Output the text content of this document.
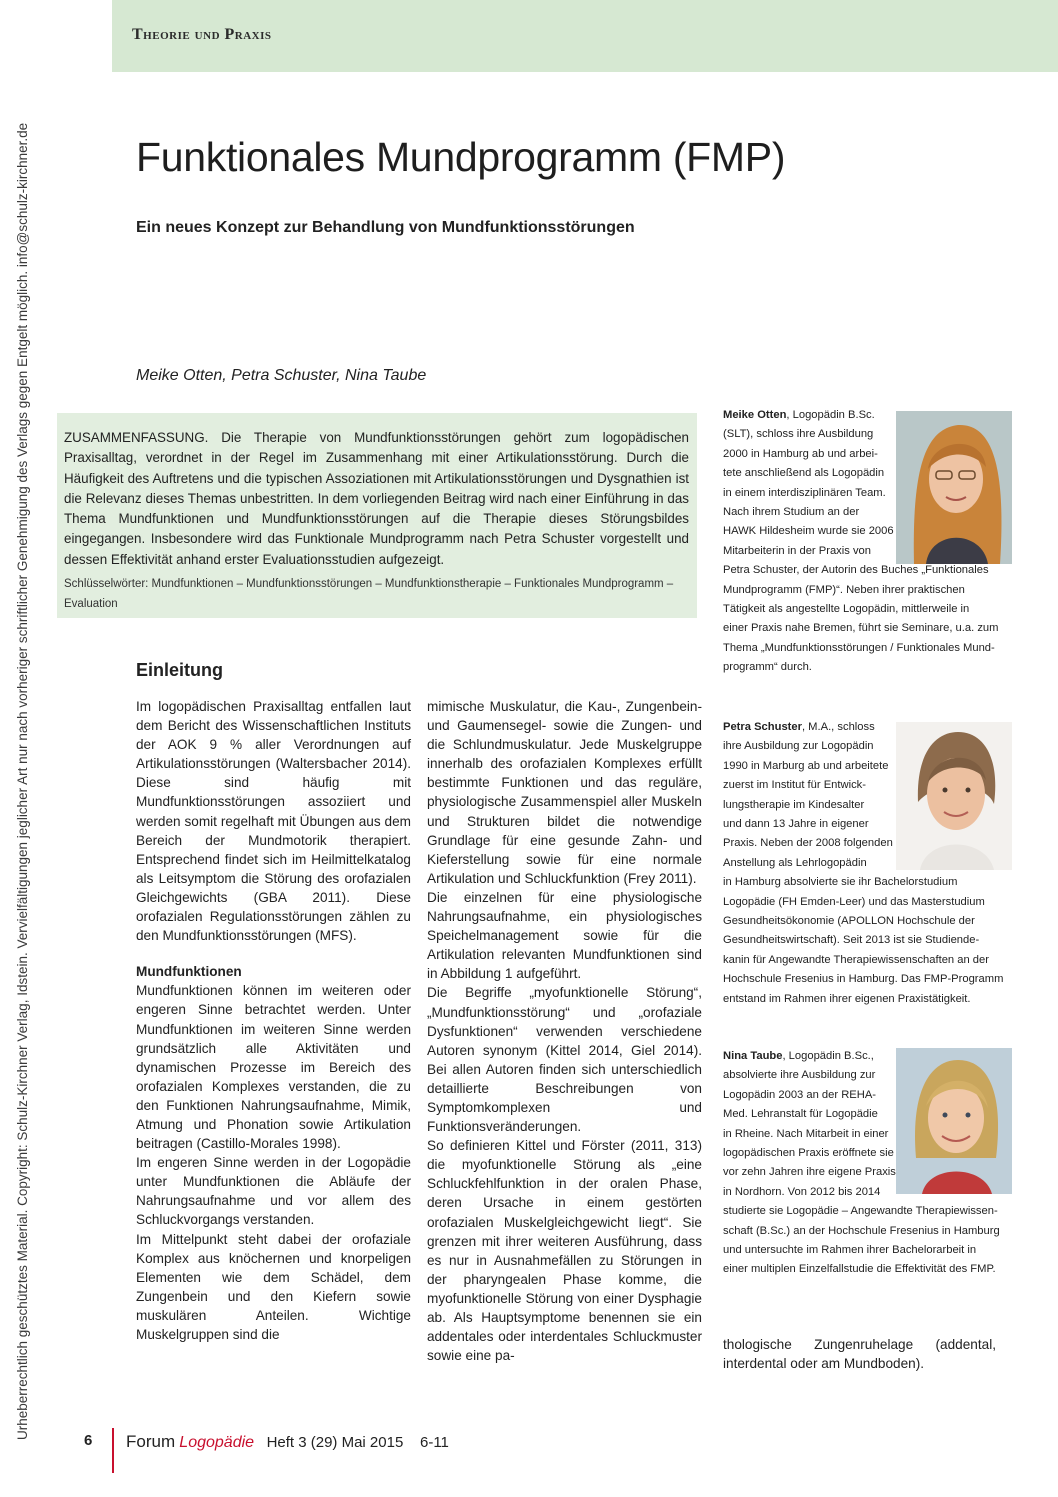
Theorie und Praxis
Urheberrechtlich geschütztes Material. Copyright: Schulz-Kirchner Verlag, Idstein. Vervielfältigungen jeglicher Art nur nach vorheriger schriftlicher Genehmigung des Verlags gegen Entgelt möglich. info@schulz-kirchner.de	Funktionales Mundprogramm (FMP)
Ein neues Konzept zur Behandlung von Mundfunktionsstörungen
Meike Otten, Petra Schuster, Nina Taube
ZUSAMMENFASSUNG. Die Therapie von Mundfunktionsstörungen gehört zum logopädischen Praxisalltag, verordnet in der Regel im Zusammenhang mit einer Artikulationsstörung. Durch die Häufigkeit des Auftretens und die typischen Assoziationen mit Artikulationsstörungen und Dysgnathien ist die Relevanz dieses Themas unbestritten. In dem vorliegenden Beitrag wird nach einer Einführung in das Thema Mundfunktionen und Mundfunktionsstörungen auf die Therapie dieses Störungsbildes eingegangen. Insbesondere wird das Funktionale Mundprogramm nach Petra Schuster vorgestellt und dessen Effektivität anhand erster Evaluationsstudien aufgezeigt.
Schlüsselwörter: Mundfunktionen – Mundfunktionsstörungen – Mundfunktionstherapie – Funktionales Mundprogramm – Evaluation
Einleitung

Im logopädischen Praxisalltag entfallen laut dem Bericht des Wissenschaftlichen Instituts der AOK 9 % aller Verordnungen auf Artikulationsstörungen (Waltersbacher 2014). Diese sind häufig mit Mundfunktionsstörungen assoziiert und werden somit regelhaft mit Übungen aus dem Bereich der Mundmotorik therapiert. Entsprechend findet sich im Heilmittelkatalog als Leitsymptom die Störung des orofazialen Gleichgewichts (GBA 2011). Diese orofazialen Regulationsstörungen zählen zu den Mundfunktionsstörungen (MFS).

Mundfunktionen

Mundfunktionen können im weiteren oder engeren Sinne betrachtet werden. Unter Mundfunktionen im weiteren Sinne werden grundsätzlich alle Aktivitäten und dynamischen Prozesse im Bereich des orofazialen Komplexes verstanden, die zu den Funktionen Nahrungsaufnahme, Mimik, Atmung und Phonation sowie Artikulation beitragen (Castillo-Morales 1998).

Im engeren Sinne werden in der Logopädie unter Mundfunktionen die Abläufe der Nahrungsaufnahme und vor allem des Schluckvorgangs verstanden.

Im Mittelpunkt steht dabei der orofaziale Komplex aus knöchernen und knorpeligen Elementen wie dem Schädel, dem Zungenbein und den Kiefern sowie muskulären Anteilen. Wichtige Muskelgruppen sind die

mimische Muskulatur, die Kau-, Zungenbein- und Gaumensegel- sowie die Zungen- und die Schlundmuskulatur. Jede Muskelgruppe innerhalb des orofazialen Komplexes erfüllt bestimmte Funktionen und das reguläre, physiologische Zusammenspiel aller Muskeln und Strukturen bildet die notwendige Grundlage für eine gesunde Zahn- und Kieferstellung sowie für eine normale Artikulation und Schluckfunktion (Frey 2011).

Die einzelnen für eine physiologische Nahrungsaufnahme, ein physiologisches Speichelmanagement sowie für die Artikulation relevanten Mundfunktionen sind in Abbildung 1 aufgeführt.

Die Begriffe „myofunktionelle Störung“, „Mundfunktionsstörung“ und „orofaziale Dysfunktionen“ verwenden verschiedene Autoren synonym (Kittel 2014, Giel 2014). Bei allen Autoren finden sich unterschiedlich detaillierte Beschreibungen von Symptomkomplexen und Funktionsveränderungen.

So definieren Kittel und Förster (2011, 313) die myofunktionelle Störung als „eine Schluckfehlfunktion in der oralen Phase, deren Ursache in einem gestörten orofazialen Muskelgleichgewicht liegt“. Sie grenzen mit ihrer weiteren Ausführung, dass es nur in Ausnahmefällen zu Störungen in der pharyngealen Phase komme, die myofunktionelle Störung von einer Dysphagie ab. Als Hauptsymptome benennen sie ein addentales oder interdentales Schluckmuster sowie eine pa-

thologische Zungenruhelage (addental, interdental oder am Mundboden).
Meike Otten, Logopädin B.Sc.
(SLT), schloss ihre Ausbildung
2000 in Hamburg ab und arbei-
tete anschließend als Logopädin
in einem interdisziplinären Team.
Nach ihrem Studium an der
HAWK Hildesheim wurde sie 2006
Mitarbeiterin in der Praxis von
Petra Schuster, der Autorin des Buches „Funktionales
Mundprogramm (FMP)“. Neben ihrer praktischen
Tätigkeit als angestellte Logopädin, mittlerweile in
einer Praxis nahe Bremen, führt sie Seminare, u.a. zum
Thema „Mundfunktionsstörungen / Funktionales Mund-
programm“ durch.
Petra Schuster, M.A., schloss
ihre Ausbildung zur Logopädin
1990 in Marburg ab und arbeitete
zuerst im Institut für Entwick-
lungstherapie im Kindesalter
und dann 13 Jahre in eigener
Praxis. Neben der 2008 folgenden
Anstellung als Lehrlogopädin
in Hamburg absolvierte sie ihr Bachelorstudium
Logopädie (FH Emden-Leer) und das Masterstudium
Gesundheitsökonomie (APOLLON Hochschule der
Gesundheitswirtschaft). Seit 2013 ist sie Studiende-
kanin für Angewandte Therapiewissenschaften an der
Hochschule Fresenius in Hamburg. Das FMP-Programm
entstand im Rahmen ihrer eigenen Praxistätigkeit.
Nina Taube, Logopädin B.Sc.,
absolvierte ihre Ausbildung zur
Logopädin 2003 an der REHA-
Med. Lehranstalt für Logopädie
in Rheine. Nach Mitarbeit in einer
logopädischen Praxis eröffnete sie
vor zehn Jahren ihre eigene Praxis
in Nordhorn. Von 2012 bis 2014
studierte sie Logopädie – Angewandte Therapiewissen-
schaft (B.Sc.) an der Hochschule Fresenius in Hamburg
und untersuchte im Rahmen ihrer Bachelorarbeit in
einer multiplen Einzelfallstudie die Effektivität des FMP.
6 Forum Logopädie Heft 3 (29) Mai 2015 6-11
